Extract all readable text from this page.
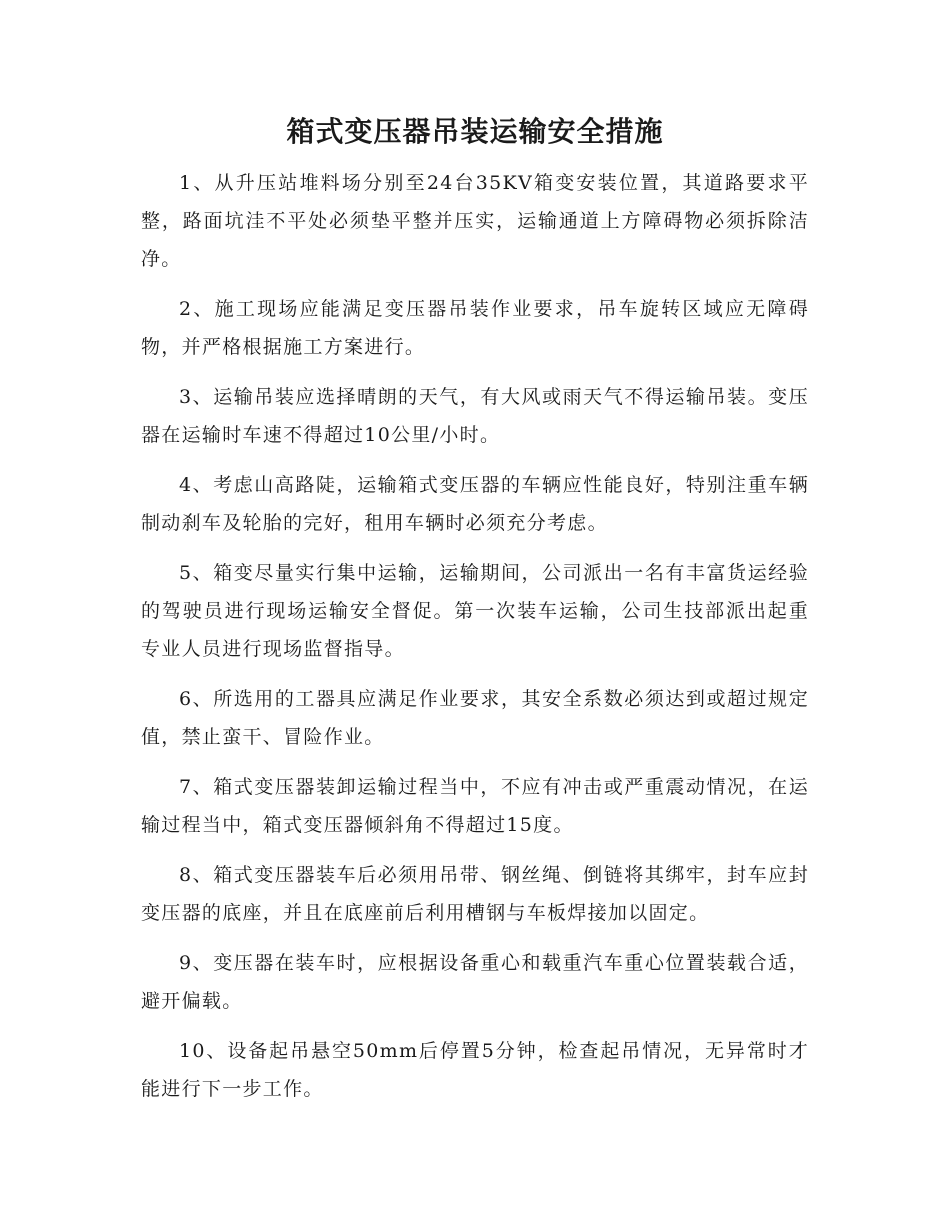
箱式变压器吊装运输安全措施

1、从升压站堆料场分别至24台35KV箱变安装位置，其道路要求平整，路面坑洼不平处必须垫平整并压实，运输通道上方障碍物必须拆除洁净。

2、施工现场应能满足变压器吊装作业要求，吊车旋转区域应无障碍物，并严格根据施工方案进行。

3、运输吊装应选择晴朗的天气，有大风或雨天气不得运输吊装。变压器在运输时车速不得超过10公里/小时。

4、考虑山高路陡，运输箱式变压器的车辆应性能良好，特别注重车辆制动刹车及轮胎的完好，租用车辆时必须充分考虑。

5、箱变尽量实行集中运输，运输期间，公司派出一名有丰富货运经验的驾驶员进行现场运输安全督促。第一次装车运输，公司生技部派出起重专业人员进行现场监督指导。

6、所选用的工器具应满足作业要求，其安全系数必须达到或超过规定值，禁止蛮干、冒险作业。

7、箱式变压器装卸运输过程当中，不应有冲击或严重震动情况，在运输过程当中，箱式变压器倾斜角不得超过15度。

8、箱式变压器装车后必须用吊带、钢丝绳、倒链将其绑牢，封车应封变压器的底座，并且在底座前后利用槽钢与车板焊接加以固定。

9、变压器在装车时，应根据设备重心和载重汽车重心位置装载合适，避开偏载。

10、设备起吊悬空50mm后停置5分钟，检查起吊情况，无异常时才能进行下一步工作。
